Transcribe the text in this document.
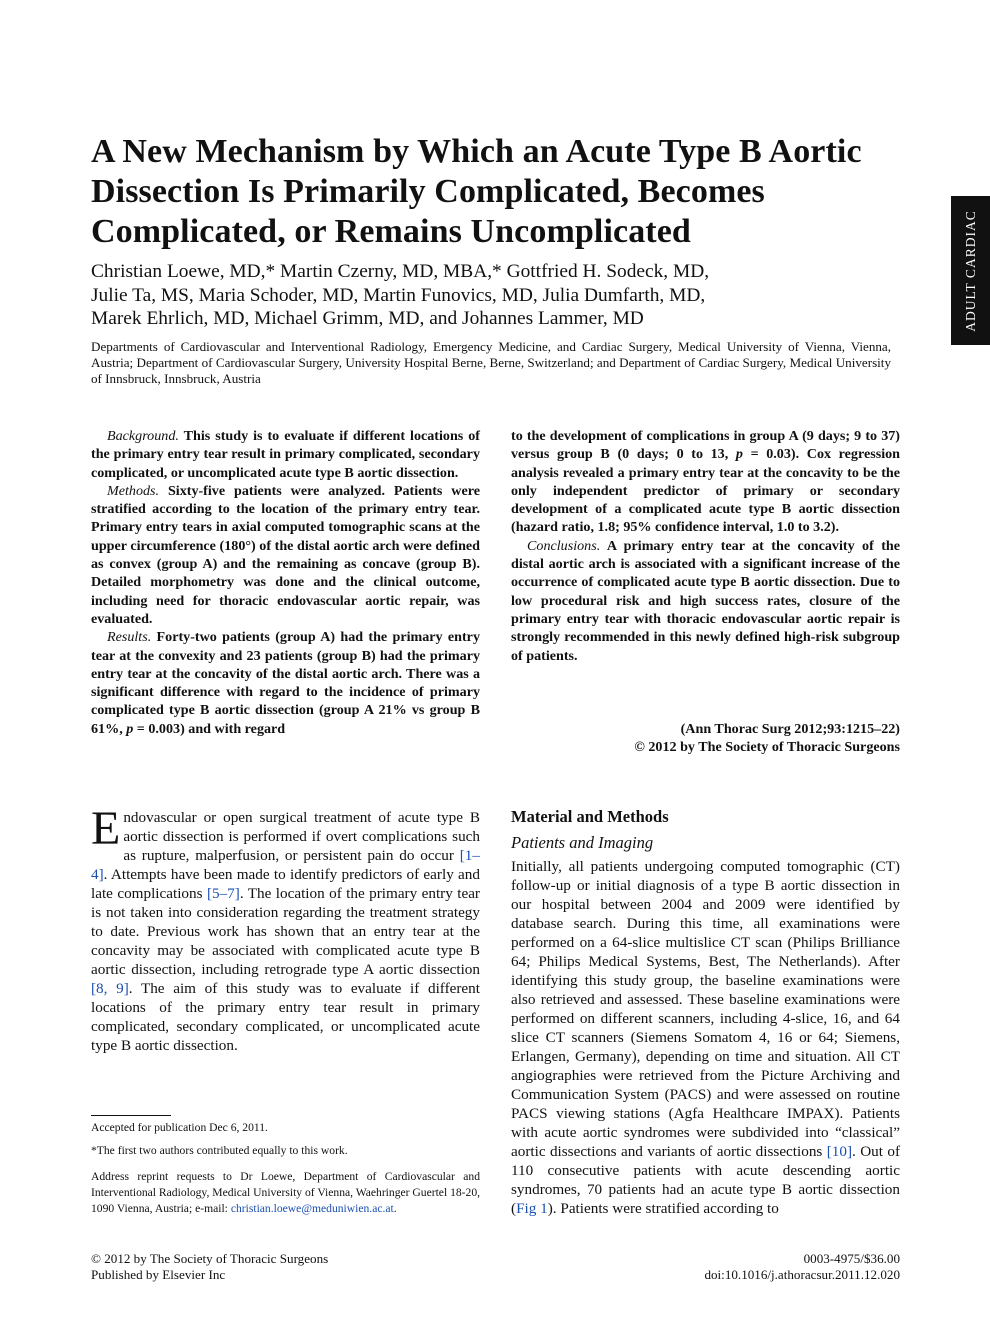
ADULT CARDIAC
A New Mechanism by Which an Acute Type B Aortic Dissection Is Primarily Complicated, Becomes Complicated, or Remains Uncomplicated
Christian Loewe, MD,* Martin Czerny, MD, MBA,* Gottfried H. Sodeck, MD,
Julie Ta, MS, Maria Schoder, MD, Martin Funovics, MD, Julia Dumfarth, MD,
Marek Ehrlich, MD, Michael Grimm, MD, and Johannes Lammer, MD
Departments of Cardiovascular and Interventional Radiology, Emergency Medicine, and Cardiac Surgery, Medical University of Vienna, Vienna, Austria; Department of Cardiovascular Surgery, University Hospital Berne, Berne, Switzerland; and Department of Cardiac Surgery, Medical University of Innsbruck, Innsbruck, Austria

Background. This study is to evaluate if different locations of the primary entry tear result in primary complicated, secondary complicated, or uncomplicated acute type B aortic dissection.

Methods. Sixty-five patients were analyzed. Patients were stratified according to the location of the primary entry tear. Primary entry tears in axial computed tomographic scans at the upper circumference (180°) of the distal aortic arch were defined as convex (group A) and the remaining as concave (group B). Detailed morphometry was done and the clinical outcome, including need for thoracic endovascular aortic repair, was evaluated.

Results. Forty-two patients (group A) had the primary entry tear at the convexity and 23 patients (group B) had the primary entry tear at the concavity of the distal aortic arch. There was a significant difference with regard to the incidence of primary complicated type B aortic dissection (group A 21% vs group B 61%, p = 0.003) and with regard

to the development of complications in group A (9 days; 9 to 37) versus group B (0 days; 0 to 13, p = 0.03). Cox regression analysis revealed a primary entry tear at the concavity to be the only independent predictor of primary or secondary development of a complicated acute type B aortic dissection (hazard ratio, 1.8; 95% confidence interval, 1.0 to 3.2).

Conclusions. A primary entry tear at the concavity of the distal aortic arch is associated with a significant increase of the occurrence of complicated acute type B aortic dissection. Due to low procedural risk and high success rates, closure of the primary entry tear with thoracic endovascular aortic repair is strongly recommended in this newly defined high-risk subgroup of patients.

(Ann Thorac Surg 2012;93:1215–22)
© 2012 by The Society of Thoracic Surgeons
Endovascular or open surgical treatment of acute type B aortic dissection is performed if overt complications such as rupture, malperfusion, or persistent pain do occur [1–4]. Attempts have been made to identify predictors of early and late complications [5–7]. The location of the primary entry tear is not taken into consideration regarding the treatment strategy to date. Previous work has shown that an entry tear at the concavity may be associated with complicated acute type B aortic dissection, including retrograde type A aortic dissection [8, 9]. The aim of this study was to evaluate if different locations of the primary entry tear result in primary complicated, secondary complicated, or uncomplicated acute type B aortic dissection.
Material and Methods
Patients and Imaging
Initially, all patients undergoing computed tomographic (CT) follow-up or initial diagnosis of a type B aortic dissection in our hospital between 2004 and 2009 were identified by database search. During this time, all examinations were performed on a 64-slice multislice CT scan (Philips Brilliance 64; Philips Medical Systems, Best, The Netherlands). After identifying this study group, the baseline examinations were also retrieved and assessed. These baseline examinations were performed on different scanners, including 4-slice, 16, and 64 slice CT scanners (Siemens Somatom 4, 16 or 64; Siemens, Erlangen, Germany), depending on time and situation. All CT angiographies were retrieved from the Picture Archiving and Communication System (PACS) and were assessed on routine PACS viewing stations (Agfa Healthcare IMPAX). Patients with acute aortic syndromes were subdivided into “classical” aortic dissections and variants of aortic dissections [10]. Out of 110 consecutive patients with acute descending aortic syndromes, 70 patients had an acute type B aortic dissection (Fig 1). Patients were stratified according to

Accepted for publication Dec 6, 2011.

*The first two authors contributed equally to this work.

Address reprint requests to Dr Loewe, Department of Cardiovascular and Interventional Radiology, Medical University of Vienna, Waehringer Guertel 18-20, 1090 Vienna, Austria; e-mail: christian.loewe@meduniwien.ac.at.

© 2012 by The Society of Thoracic Surgeons
Published by Elsevier Inc
0003-4975/$36.00
doi:10.1016/j.athoracsur.2011.12.020
